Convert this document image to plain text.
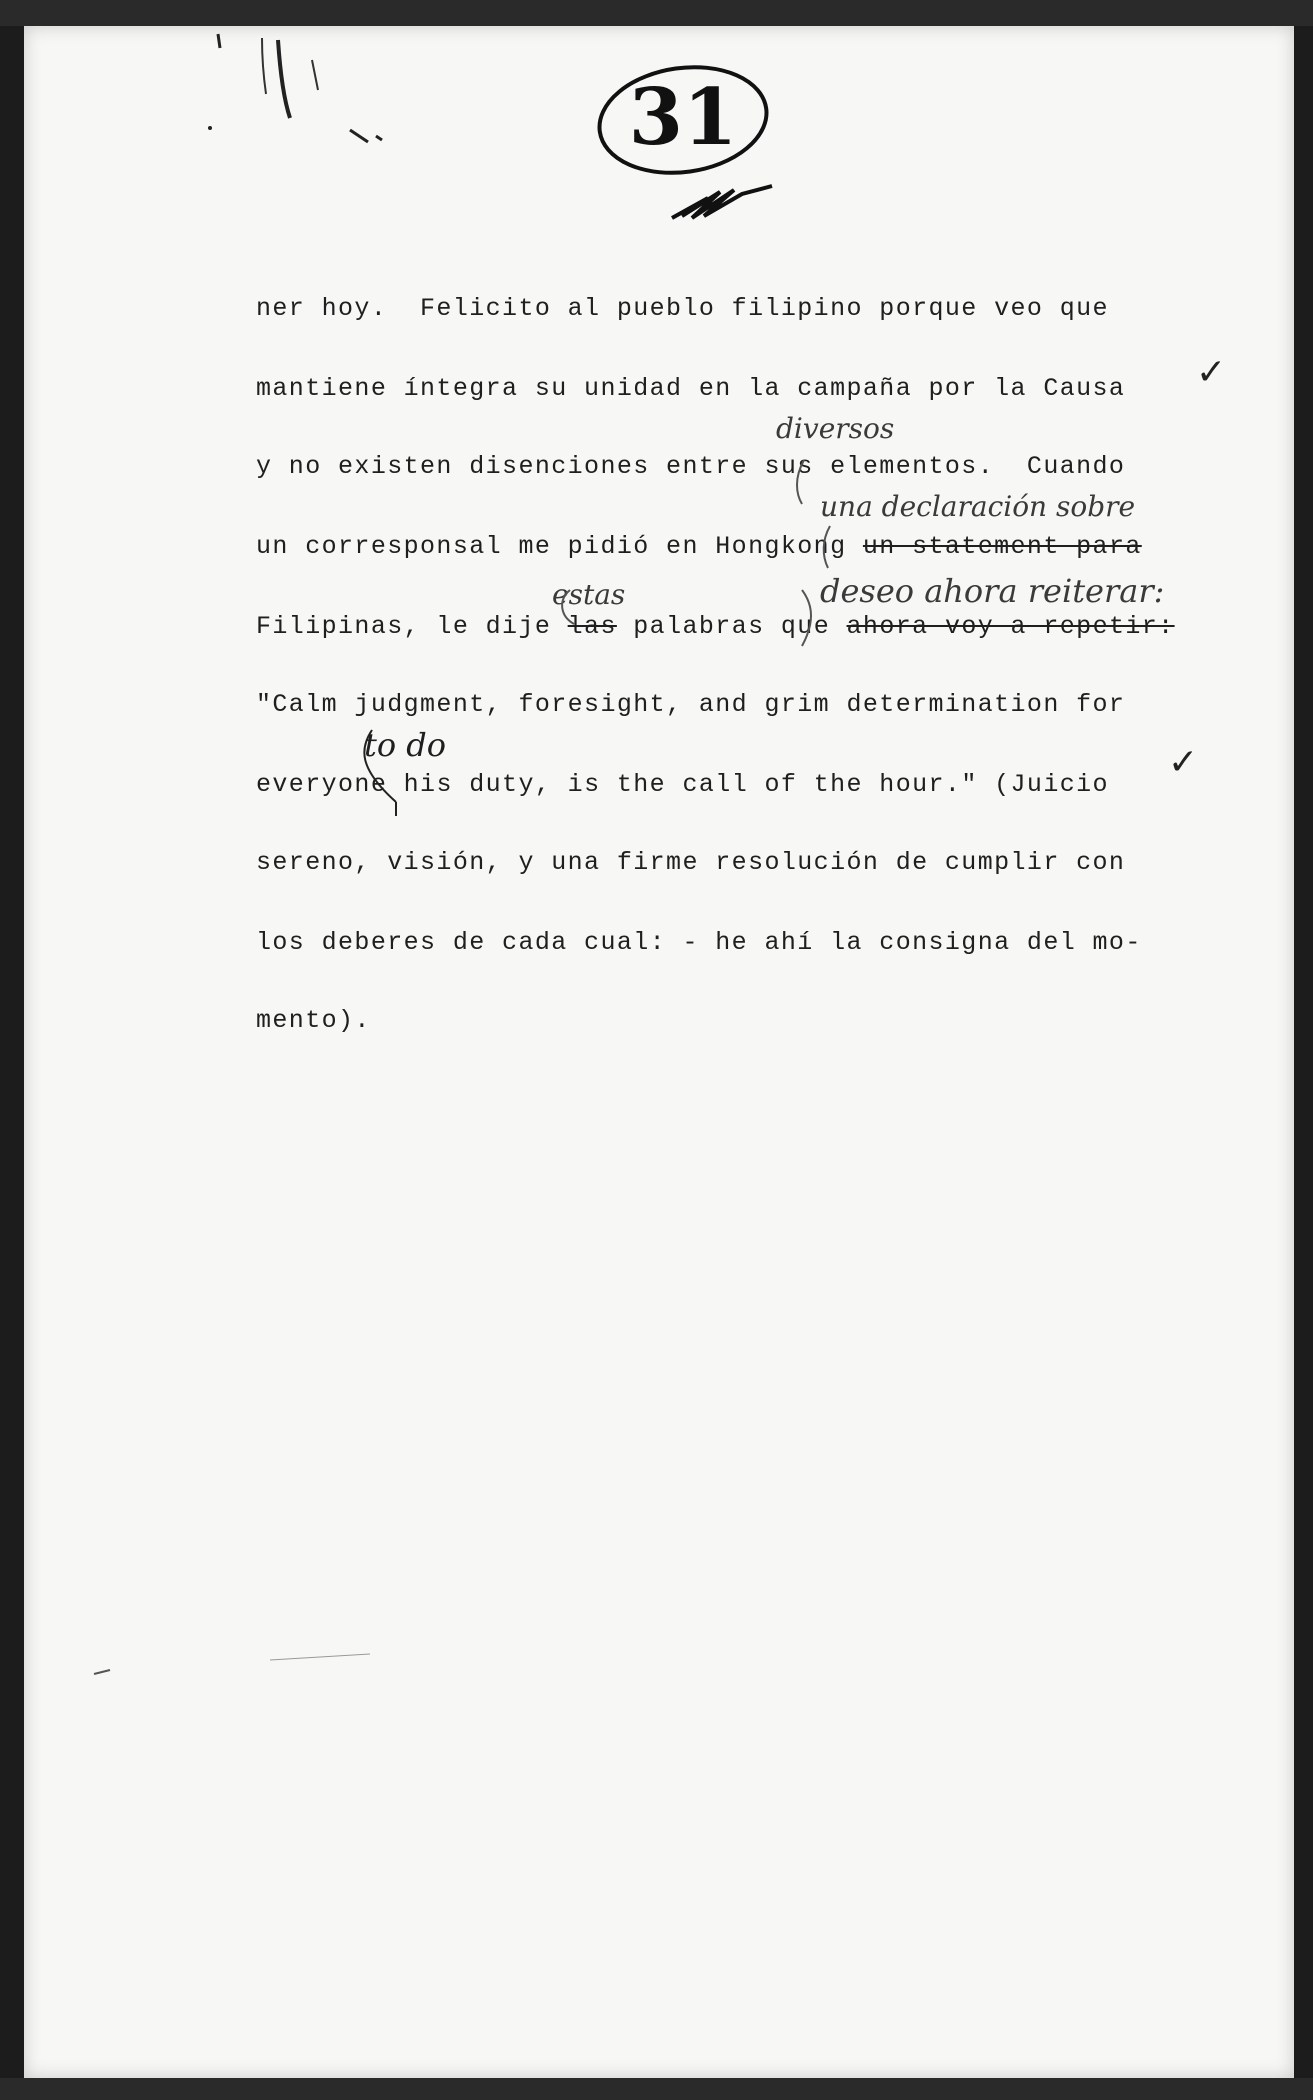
31
ner hoy.  Felicito al pueblo filipino porque veo que
mantiene íntegra su unidad en la campaña por la Causa
y no existen disenciones entre sus elementos.  Cuando
un corresponsal me pidió en Hongkong un statement para
Filipinas, le dije las palabras que ahora voy a repetir:
"Calm judgment, foresight, and grim determination for
everyone his duty, is the call of the hour." (Juicio
sereno, visión, y una firme resolución de cumplir con
los deberes de cada cual: - he ahí la consigna del mo-
mento).
diversos
una declaración sobre
estas	deseo ahora reiterar:
to do
✓
✓
